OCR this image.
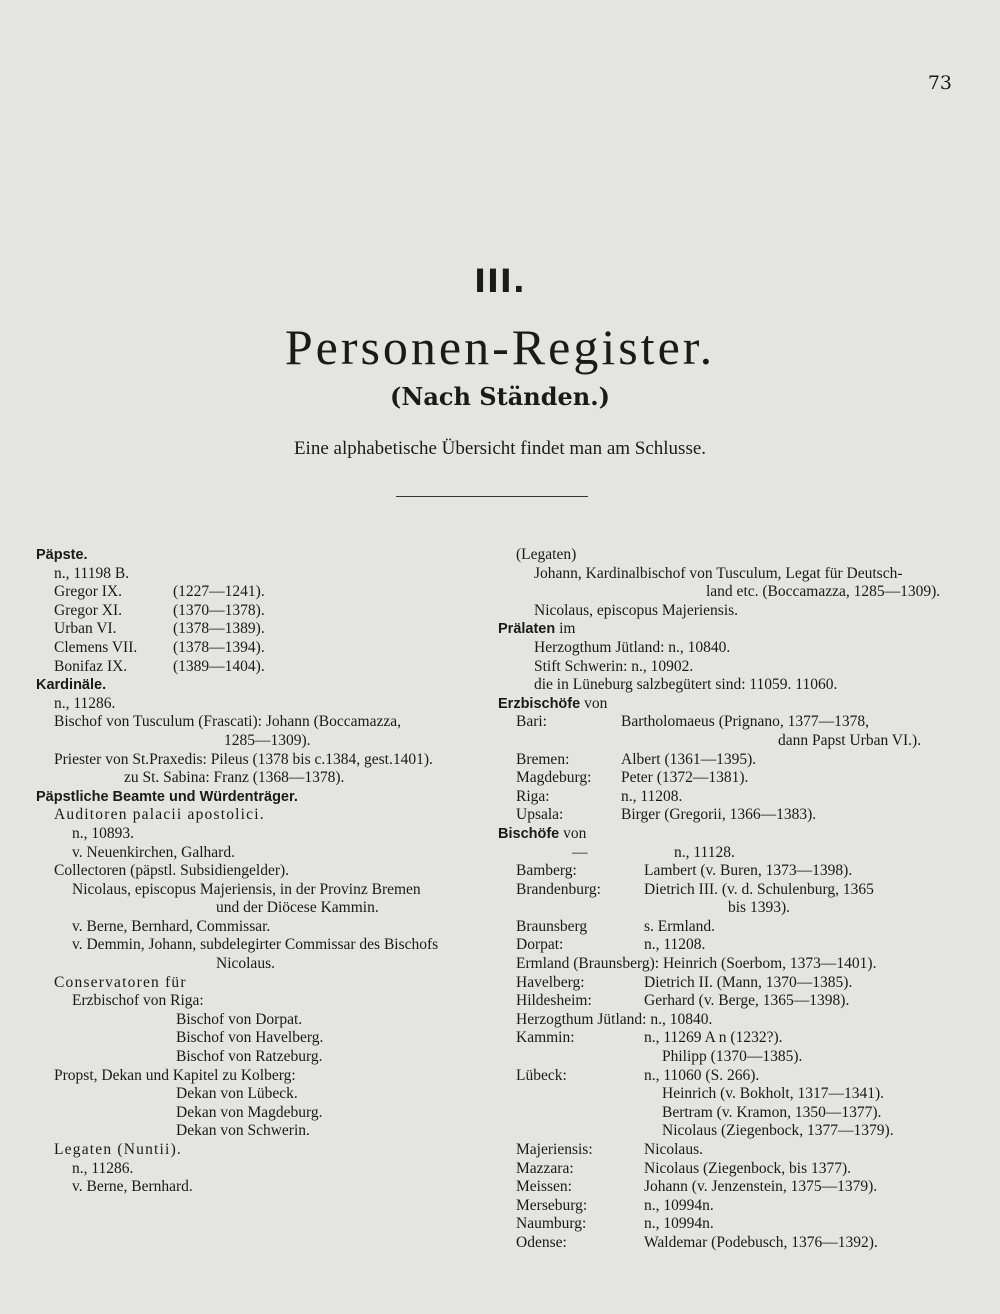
73
III.
Personen-Register.
(Nach Ständen.)
Eine alphabetische Übersicht findet man am Schlusse.
Päpste.
n., 11198 B.
Gregor IX.	(1227—1241).
Gregor XI.	(1370—1378).
Urban VI.	(1378—1389).
Clemens VII. (1378—1394).
Bonifaz IX.	(1389—1404).
Kardinäle.
n., 11286.
Bischof von Tusculum (Frascati): Johann (Boccamazza,
1285—1309).
Priester von St.Praxedis: Pileus (1378 bis c.1384, gest.1401).
zu St. Sabina: Franz (1368—1378).
Päpstliche Beamte und Würdenträger.
Auditoren palacii apostolici.
n., 10893.
v. Neuenkirchen, Galhard.
Collectoren (päpstl. Subsidiengelder).
Nicolaus, episcopus Majeriensis, in der Provinz Bremen
und der Diöcese Kammin.
v. Berne, Bernhard, Commissar.
v. Demmin, Johann, subdelegirter Commissar des Bischofs
Nicolaus.
Conservatoren für
Erzbischof von Riga:
Bischof von Dorpat.
Bischof von Havelberg.
Bischof von Ratzeburg.
Propst, Dekan und Kapitel zu Kolberg:
Dekan von Lübeck.
Dekan von Magdeburg.
Dekan von Schwerin.
Legaten (Nuntii).
n., 11286.
v. Berne, Bernhard.
(Legaten)
Johann, Kardinalbischof von Tusculum, Legat für Deutsch-
land etc. (Boccamazza, 1285—1309).
Nicolaus, episcopus Majeriensis.
Prälaten im
Herzogthum Jütland: n., 10840.
Stift Schwerin: n., 10902.
die in Lüneburg salzbegütert sind: 11059. 11060.
Erzbischöfe von
Bari:	Bartholomaeus (Prignano, 1377—1378,
dann Papst Urban VI.).
Bremen:	Albert (1361—1395).
Magdeburg: Peter (1372—1381).
Riga:	n., 11208.
Upsala:	Birger (Gregorii, 1366—1383).
Bischöfe von
—	n., 11128.
Bamberg:	Lambert (v. Buren, 1373—1398).
Brandenburg:	Dietrich III. (v. d. Schulenburg, 1365
bis 1393).
Braunsberg	s. Ermland.
Dorpat:	n., 11208.
Ermland (Braunsberg): Heinrich (Soerbom, 1373—1401).
Havelberg:	Dietrich II. (Mann, 1370—1385).
Hildesheim:	Gerhard (v. Berge, 1365—1398).
Herzogthum Jütland: n., 10840.
Kammin:	n., 11269 A n (1232?).
Philipp (1370—1385).
Lübeck:	n., 11060 (S. 266).
Heinrich (v. Bokholt, 1317—1341).
Bertram (v. Kramon, 1350—1377).
Nicolaus (Ziegenbock, 1377—1379).
Majeriensis:	Nicolaus.
Mazzara:	Nicolaus (Ziegenbock, bis 1377).
Meissen:	Johann (v. Jenzenstein, 1375—1379).
Merseburg:	n., 10994n.
Naumburg:	n., 10994n.
Odense:	Waldemar (Podebusch, 1376—1392).
